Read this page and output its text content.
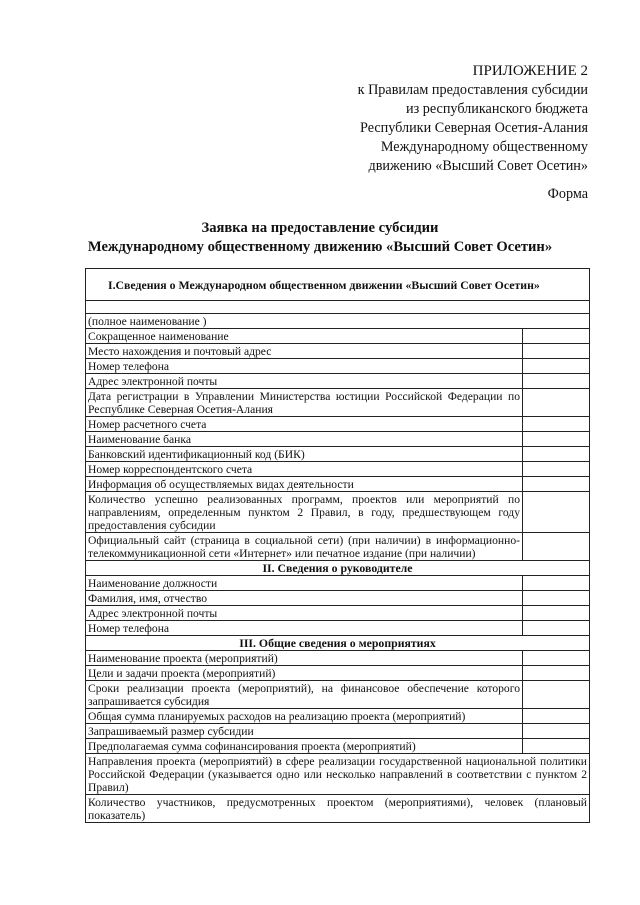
ПРИЛОЖЕНИЕ 2
к Правилам предоставления субсидии
из республиканского бюджета
Республики Северная Осетия-Алания
Международному общественному
движению «Высший Совет Осетин»
Форма
Заявка на предоставление субсидии
Международному общественному движению «Высший Совет Осетин»
I.Сведения о Международном общественном движении «Высший Совет Осетин»	

(полное наименование )	
Сокращенное наименование	
Место нахождения и почтовый адрес	
Номер телефона	
Адрес электронной почты	
Дата регистрации в Управлении Министерства юстиции Российской Федерации по Республике Северная Осетия-Алания	
Номер расчетного счета	
Наименование банка	
Банковский идентификационный код (БИК)	
Номер корреспондентского счета	
Информация об осуществляемых видах деятельности	
Количество успешно реализованных программ, проектов или мероприятий по направлениям, определенным пунктом 2 Правил, в году, предшествующем году предоставления субсидии	
Официальный сайт (страница в социальной сети) (при наличии) в информационно-телекоммуникационной сети «Интернет» или печатное издание (при наличии)	
II. Сведения о руководителе	
Наименование должности	
Фамилия, имя, отчество	
Адрес электронной почты	
Номер телефона	
III. Общие сведения о мероприятиях	
Наименование проекта (мероприятий)	
Цели и задачи проекта (мероприятий)	
Сроки реализации проекта (мероприятий), на финансовое обеспечение которого запрашивается субсидия	
Общая сумма планируемых расходов на реализацию проекта (мероприятий)	
Запрашиваемый размер субсидии	
Предполагаемая сумма софинансирования проекта (мероприятий)	
Направления проекта (мероприятий) в сфере реализации государственной национальной политики Российской Федерации (указывается одно или несколько направлений в соответствии с пунктом 2 Правил)	
Количество участников, предусмотренных проектом (мероприятиями), человек (плановый показатель)	
